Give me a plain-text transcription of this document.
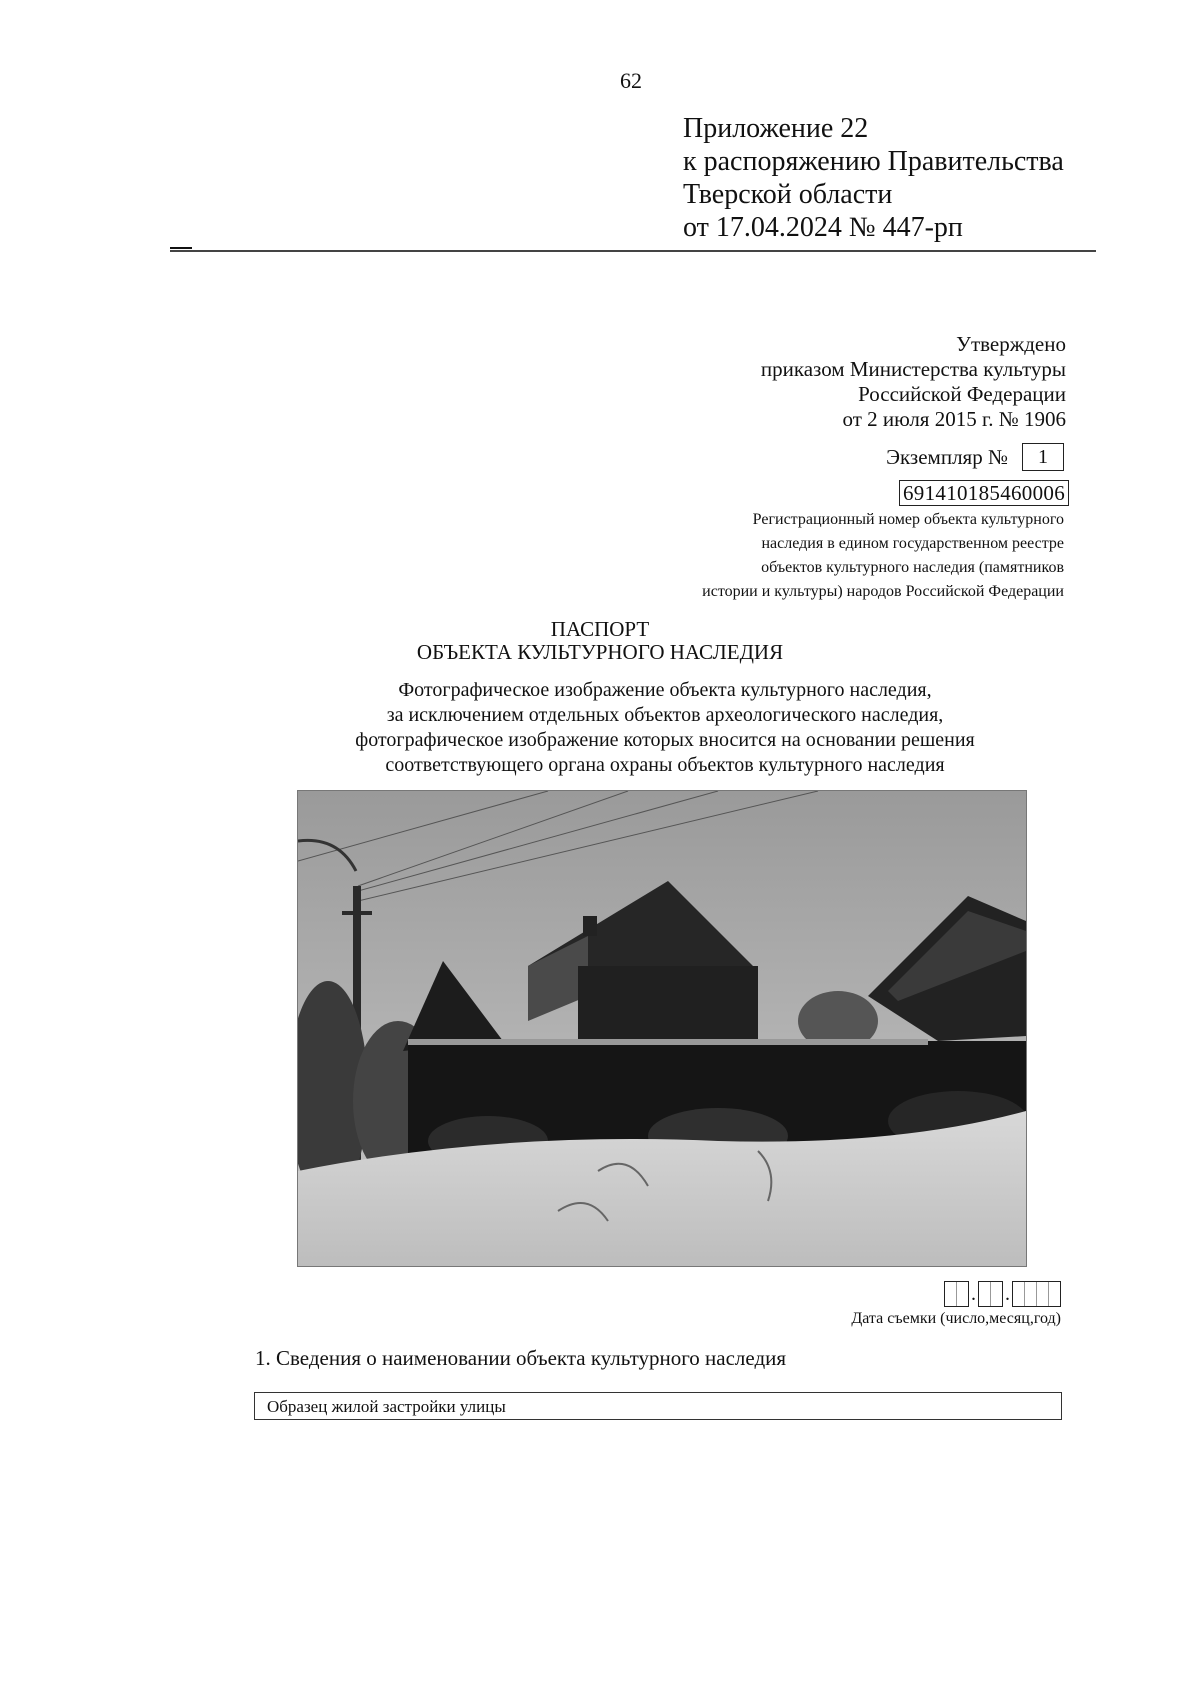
62
Приложение 22
к распоряжению Правительства
Тверской области
от 17.04.2024 № 447-рп
Утверждено
приказом Министерства культуры
Российской Федерации
от 2 июля 2015 г. № 1906
Экземпляр №	1
691410185460006
Регистрационный номер объекта культурного
наследия в едином государственном реестре
объектов культурного наследия (памятников
истории и культуры) народов Российской Федерации
ПАСПОРТ
ОБЪЕКТА КУЛЬТУРНОГО НАСЛЕДИЯ
Фотографическое изображение объекта культурного наследия,
за исключением отдельных объектов археологического наследия,
фотографическое изображение которых вносится на основании решения
соответствующего органа охраны объектов культурного наследия
. .
Дата съемки (число,месяц,год)
1. Сведения о наименовании объекта культурного наследия
Образец жилой застройки улицы
